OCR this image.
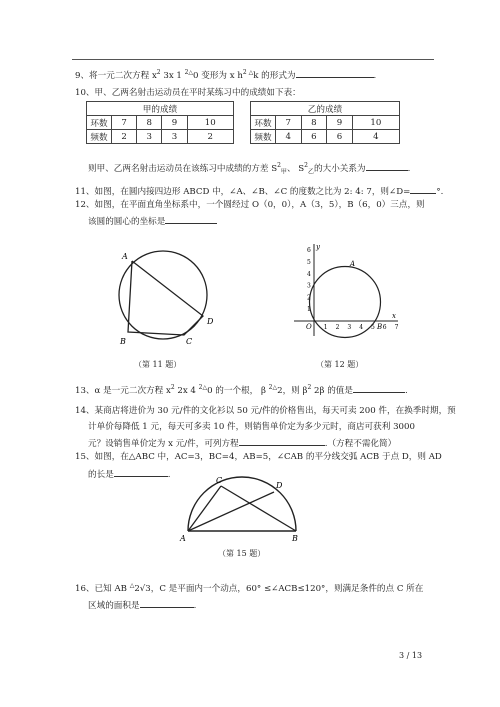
9、将一元二次方程 $x^2$ 3x 1 $^{2\triangle}$0 变形为 x $h^{2 \triangle}k$ 的形式为	.
10、甲、乙两名射击运动员在平时某练习中的成绩如下表：
甲的成绩				
环数	7	8	9	10
频数	2	3	3	2
乙的成绩				
环数	7	8	9	10
频数	4	6	6	4
则甲、乙两名射击运动员在该练习中成绩的方差 $S^2_甲$、 $S^2_乙$的大小关系为	.
11、如图，在圆内接四边形 ABCD 中，∠A、∠B、∠C 的度数之比为 2: 4: 7，则∠D=	°.
12、如图，在平面直角坐标系中，一个圆经过 O（0，0），A（3，5），B（6，0）三点，则
该圆的圆心的坐标是
A
B	C
D
（第 11 题）
y
x
O 1 2 3 4 5 6 7
1
2
3
4
5
6
A
B
（第 12 题）
13、α 是一元二次方程 $x^2$ 2x 4 $^{2\triangle}$0 的一个根， β $^{2\triangle}$2，则 $\beta^2$ 2β 的值是	.
14、某商店将进价为 30 元/件的文化衫以 50 元/件的价格售出，每天可卖 200 件，在换季时期，预
计单价每降低 1 元，每天可多卖 10 件，则销售单价定为多少元时，商店可获利 3000
元？设销售单价定为 x 元/件，可列方程	.（方程不需化简）
15、如图，在△ABC 中，AC=3，BC=4，AB=5，∠CAB 的平分线交弧 ACB 于点 D，则 AD
的长是	.
A	B
C
D
（第 15 题）
16、已知 AB △2√3，C 是平面内一个动点，60° ≤∠ACB≤120°，则满足条件的点 C 所在
区域的面积是	.
3 / 13
